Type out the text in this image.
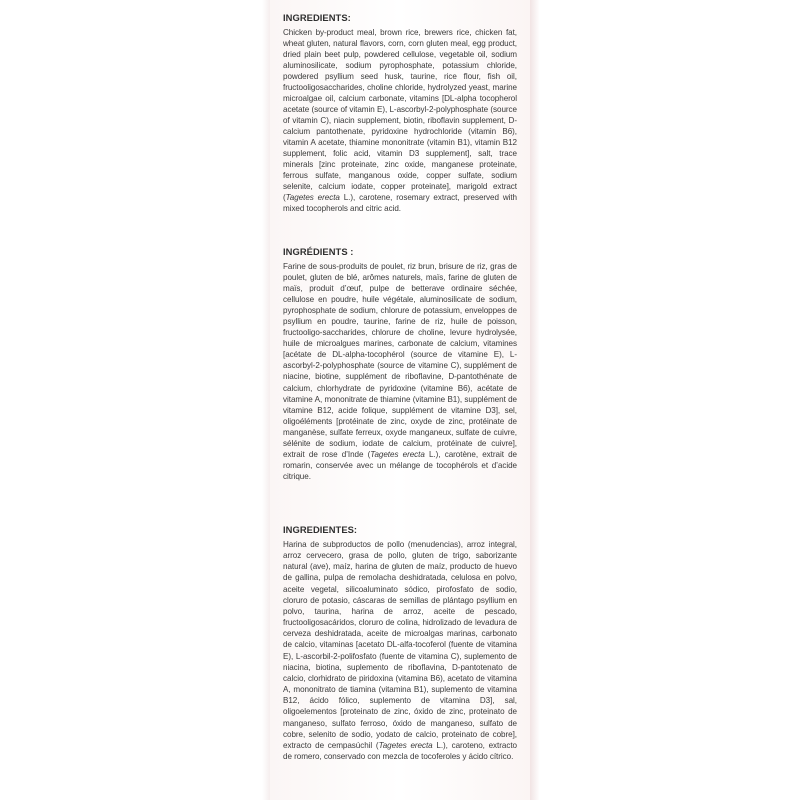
INGREDIENTS:

Chicken by-product meal, brown rice, brewers rice, chicken fat, wheat gluten, natural flavors, corn, corn gluten meal, egg product, dried plain beet pulp, powdered cellulose, vegetable oil, sodium aluminosilicate, sodium pyrophosphate, potassium chloride, powdered psyllium seed husk, taurine, rice flour, fish oil, fructooligosaccharides, choline chloride, hydrolyzed yeast, marine microalgae oil, calcium carbonate, vitamins [DL-alpha tocopherol acetate (source of vitamin E), L-ascorbyl-2-polyphosphate (source of vitamin C), niacin supplement, biotin, riboflavin supplement, D-calcium pantothenate, pyridoxine hydrochloride (vitamin B6), vitamin A acetate, thiamine mononitrate (vitamin B1), vitamin B12 supplement, folic acid, vitamin D3 supplement], salt, trace minerals [zinc proteinate, zinc oxide, manganese proteinate, ferrous sulfate, manganous oxide, copper sulfate, sodium selenite, calcium iodate, copper proteinate], marigold extract (Tagetes erecta L.), carotene, rosemary extract, preserved with mixed tocopherols and citric acid.

INGRÉDIENTS :

Farine de sous-produits de poulet, riz brun, brisure de riz, gras de poulet, gluten de blé, arômes naturels, maïs, farine de gluten de maïs, produit d’œuf, pulpe de betterave ordinaire séchée, cellulose en poudre, huile végétale, aluminosilicate de sodium, pyrophosphate de sodium, chlorure de potassium, enveloppes de psyllium en poudre, taurine, farine de riz, huile de poisson, fructooligo-saccharides, chlorure de choline, levure hydrolysée, huile de microalgues marines, carbonate de calcium, vitamines [acétate de DL-alpha-tocophérol (source de vitamine E), L-ascorbyl-2-polyphosphate (source de vitamine C), supplément de niacine, biotine, supplément de riboflavine, D-pantothénate de calcium, chlorhydrate de pyridoxine (vitamine B6), acétate de vitamine A, mononitrate de thiamine (vitamine B1), supplément de vitamine B12, acide folique, supplément de vitamine D3], sel, oligoéléments [protéinate de zinc, oxyde de zinc, protéinate de manganèse, sulfate ferreux, oxyde manganeux, sulfate de cuivre, sélénite de sodium, iodate de calcium, protéinate de cuivre], extrait de rose d’Inde (Tagetes erecta L.), carotène, extrait de romarin, conservée avec un mélange de tocophérols et d’acide citrique.

INGREDIENTES:

Harina de subproductos de pollo (menudencias), arroz integral, arroz cervecero, grasa de pollo, gluten de trigo, saborizante natural (ave), maíz, harina de gluten de maíz, producto de huevo de gallina, pulpa de remolacha deshidratada, celulosa en polvo, aceite vegetal, silicoaluminato sódico, pirofosfato de sodio, cloruro de potasio, cáscaras de semillas de plántago psyllium en polvo, taurina, harina de arroz, aceite de pescado, fructooligosacáridos, cloruro de colina, hidrolizado de levadura de cerveza deshidratada, aceite de microalgas marinas, carbonato de calcio, vitaminas [acetato DL-alfa-tocoferol (fuente de vitamina E), L-ascorbil-2-polifosfato (fuente de vitamina C), suplemento de niacina, biotina, suplemento de riboflavina, D-pantotenato de calcio, clorhidrato de piridoxina (vitamina B6), acetato de vitamina A, mononitrato de tiamina (vitamina B1), suplemento de vitamina B12, ácido fólico, suplemento de vitamina D3], sal, oligoelementos [proteinato de zinc, óxido de zinc, proteinato de manganeso, sulfato ferroso, óxido de manganeso, sulfato de cobre, selenito de sodio, yodato de calcio, proteinato de cobre], extracto de cempasúchil (Tagetes erecta L.), caroteno, extracto de romero, conservado con mezcla de tocoferoles y ácido cítrico.
